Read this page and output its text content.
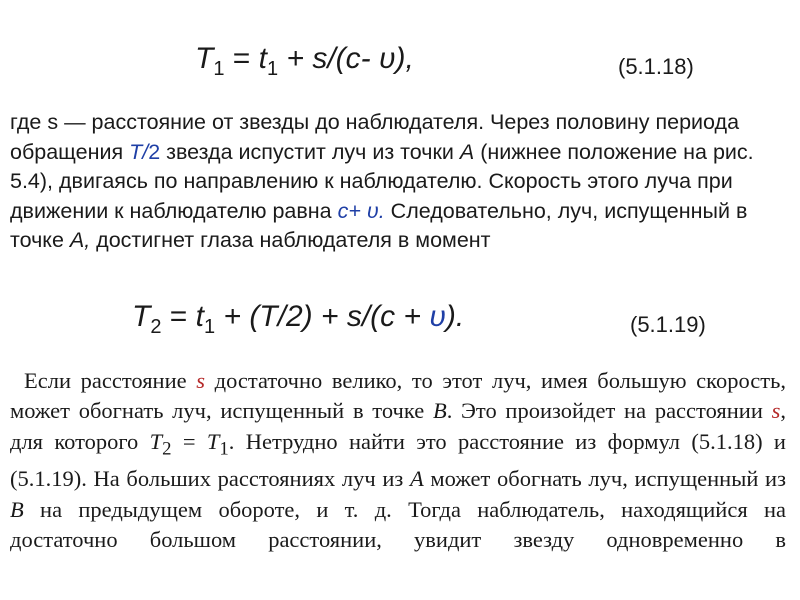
$T_1 = t_1 + s/(c-$ υ),	(5.1.18)
где s — расстояние от звезды до наблюдателя. Через половину периода обращения T/2 звезда испустит луч из точки А (нижнее положение на рис. 5.4), двигаясь по направлению к наблюдателю. Скорость этого луча при движении к наблюдателю равна с+ υ. Следовательно, луч, испущенный в точке А, достигнет глаза наблюдателя в момент
$T_2 = t_1 + (T/2) + s/(c + \upsilon)$.	(5.1.19)
Если расстояние s достаточно велико, то этот луч, имея большую скорость, может обогнать луч, испущенный в точке В. Это произойдет на расстоянии s, для которого $T_2 = T_1$. Нетрудно найти это расстояние из формул (5.1.18) и (5.1.19). На больших расстояниях луч из А может обогнать луч, испущенный из В на предыдущем обороте, и т. д. Тогда наблюдатель, находящийся на достаточно большом расстоянии, увидит звезду одновременно в
